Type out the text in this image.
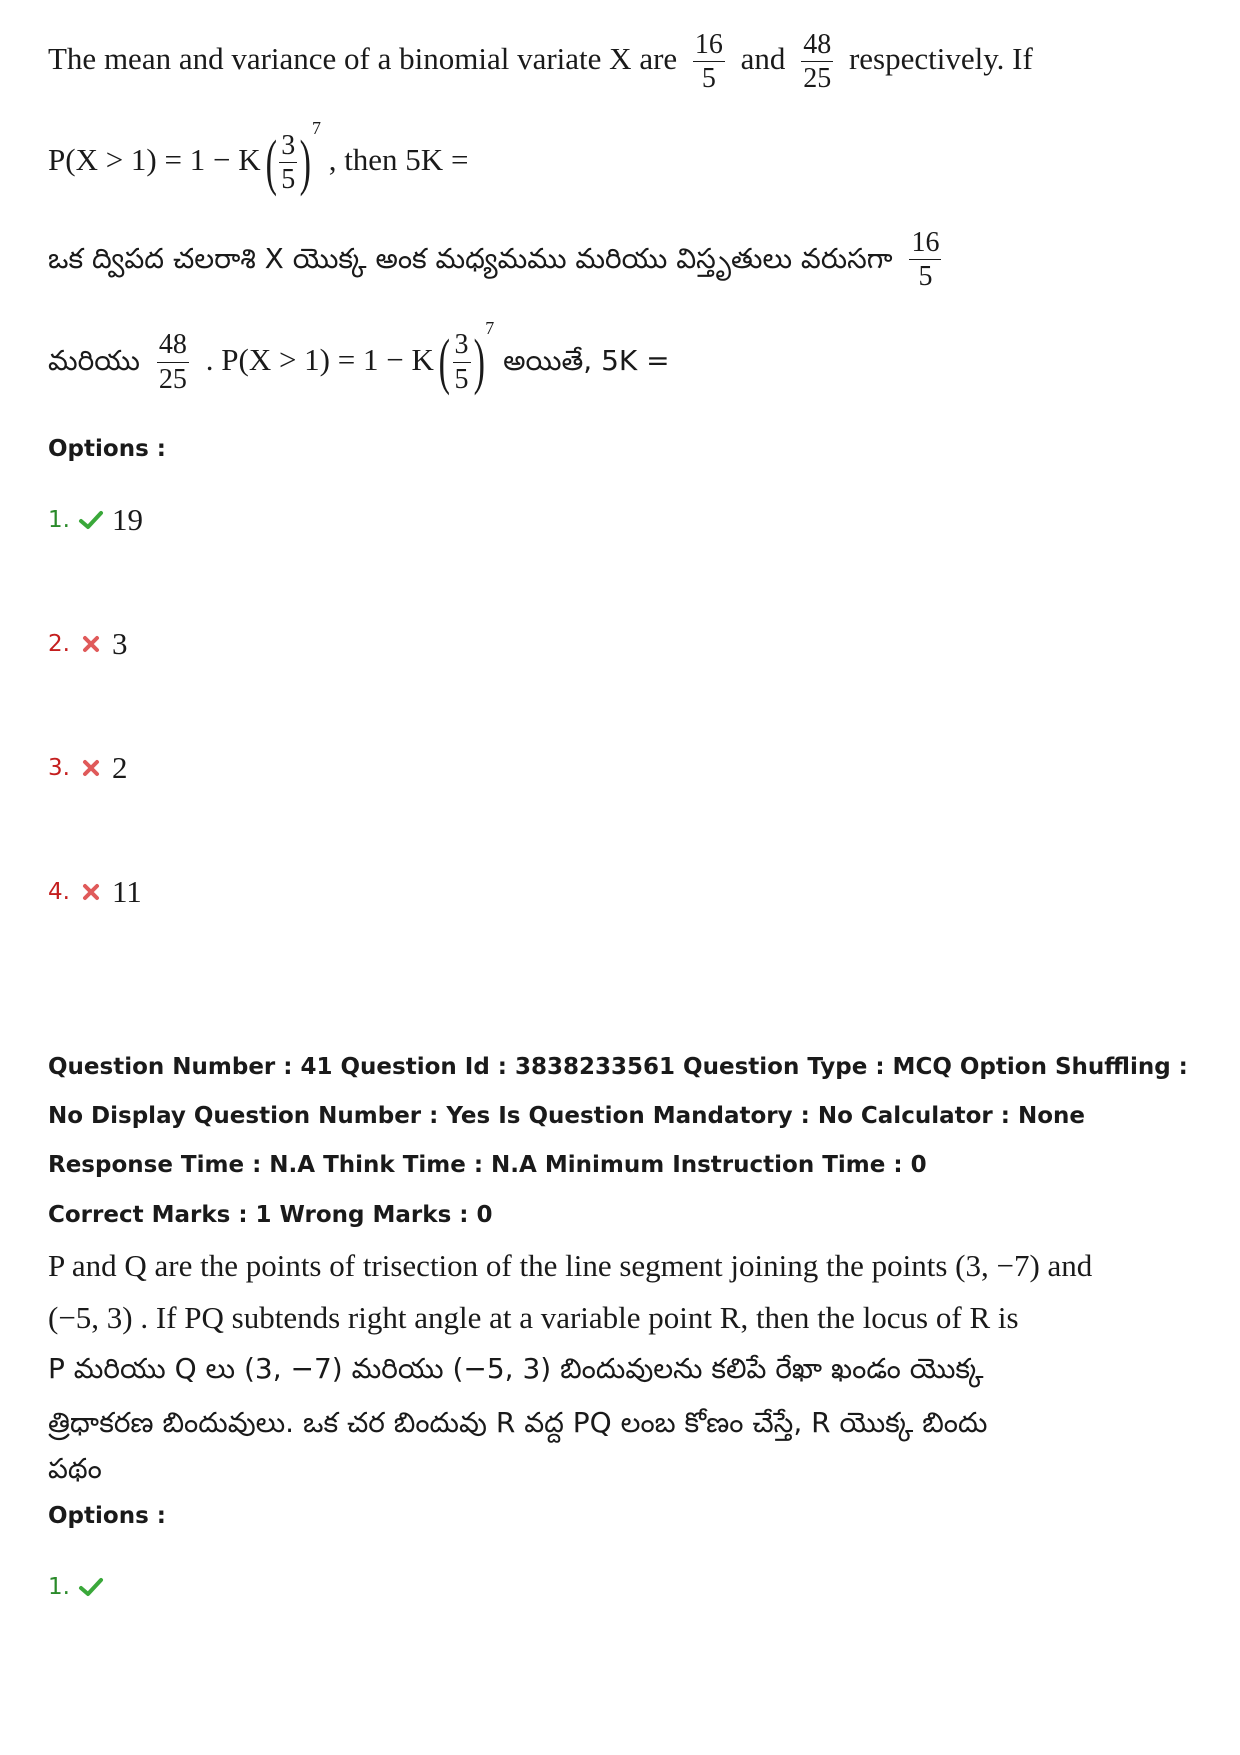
The mean and variance of a binomial variate X are $\frac{16}{5}$ and $\frac{48}{25}$ respectively. If
P(X > 1) = 1 − K ( $\frac{3}{5}$ )
$^7$ , then 5K =
ఒక ద్విపద చలరాశి X యొక్క అంక మధ్యమము మరియు విస్తృతులు వరుసగా $\frac{16}{5}$
మరియు $\frac{48}{25}$ . P(X > 1) = 1 − K ( $\frac{3}{5}$ ) $^7$ అయితే, 5K =
Options :
1. 19
2. 3
3. 2
4. 11
Question Number : 41 Question Id : 3838233561 Question Type : MCQ Option Shuffling : No Display Question Number : Yes Is Question Mandatory : No Calculator : None Response Time : N.A Think Time : N.A Minimum Instruction Time : 0
Correct Marks : 1 Wrong Marks : 0
P and Q are the points of trisection of the line segment joining the points (3, −7) and
(−5, 3) . If PQ subtends right angle at a variable point R, then the locus of R is
P మరియు Q లు (3, −7) మరియు (−5, 3) బిందువులను కలిపే రేఖా ఖండం యొక్క
త్రిధాకరణ బిందువులు. ఒక చర బిందువు R వద్ద PQ లంబ కోణం చేస్తే, R యొక్క బిందు
పథం
Options :
1.
